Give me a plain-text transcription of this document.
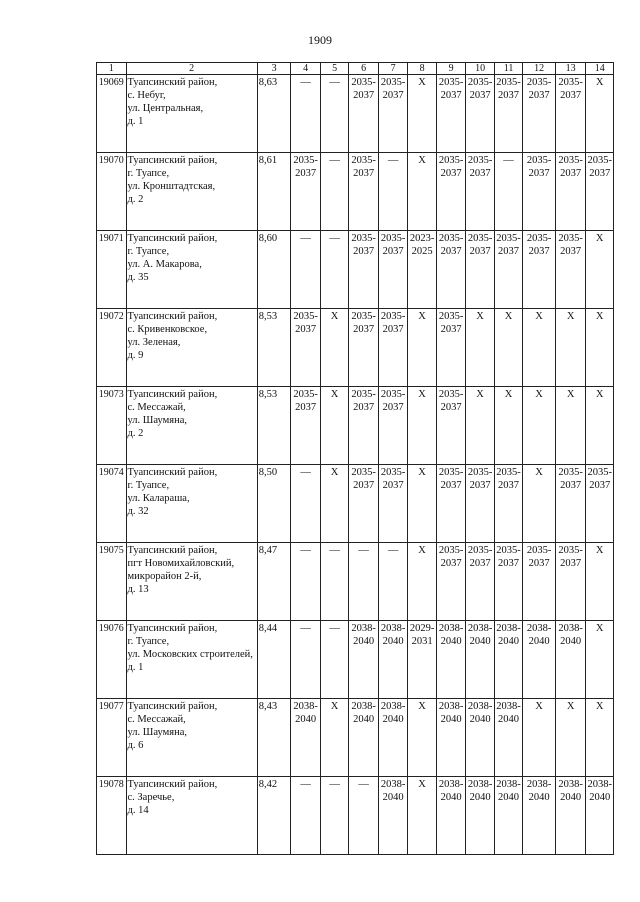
1909
1	2	3	4	5	6	7	8	9	10	11	12	13	14
19069	Туапсинский район,
с. Небуг,
ул. Центральная,
д. 1	8,63	—	—	2035-
2037	2035-
2037	X	2035-
2037	2035-
2037	2035-
2037	2035-
2037	2035-
2037	X
19070	Туапсинский район,
г. Туапсе,
ул. Кронштадтская,
д. 2	8,61	2035-
2037	—	2035-
2037	—	X	2035-
2037	2035-
2037	—	2035-
2037	2035-
2037	2035-
2037
19071	Туапсинский район,
г. Туапсе,
ул. А. Макарова,
д. 35	8,60	—	—	2035-
2037	2035-
2037	2023-
2025	2035-
2037	2035-
2037	2035-
2037	2035-
2037	2035-
2037	X
19072	Туапсинский район,
с. Кривенковское,
ул. Зеленая,
д. 9	8,53	2035-
2037	X	2035-
2037	2035-
2037	X	2035-
2037	X	X	X	X	X
19073	Туапсинский район,
с. Мессажай,
ул. Шаумяна,
д. 2	8,53	2035-
2037	X	2035-
2037	2035-
2037	X	2035-
2037	X	X	X	X	X
19074	Туапсинский район,
г. Туапсе,
ул. Калараша,
д. 32	8,50	—	X	2035-
2037	2035-
2037	X	2035-
2037	2035-
2037	2035-
2037	X	2035-
2037	2035-
2037
19075	Туапсинский район,
пгт Новомихайловский,
микрорайон 2-й,
д. 13	8,47	—	—	—	—	X	2035-
2037	2035-
2037	2035-
2037	2035-
2037	2035-
2037	X
19076	Туапсинский район,
г. Туапсе,
ул. Московских строителей,
д. 1	8,44	—	—	2038-
2040	2038-
2040	2029-
2031	2038-
2040	2038-
2040	2038-
2040	2038-
2040	2038-
2040	X
19077	Туапсинский район,
с. Мессажай,
ул. Шаумяна,
д. 6	8,43	2038-
2040	X	2038-
2040	2038-
2040	X	2038-
2040	2038-
2040	2038-
2040	X	X	X
19078	Туапсинский район,
с. Заречье,
д. 14	8,42	—	—	—	2038-
2040	X	2038-
2040	2038-
2040	2038-
2040	2038-
2040	2038-
2040	2038-
2040
